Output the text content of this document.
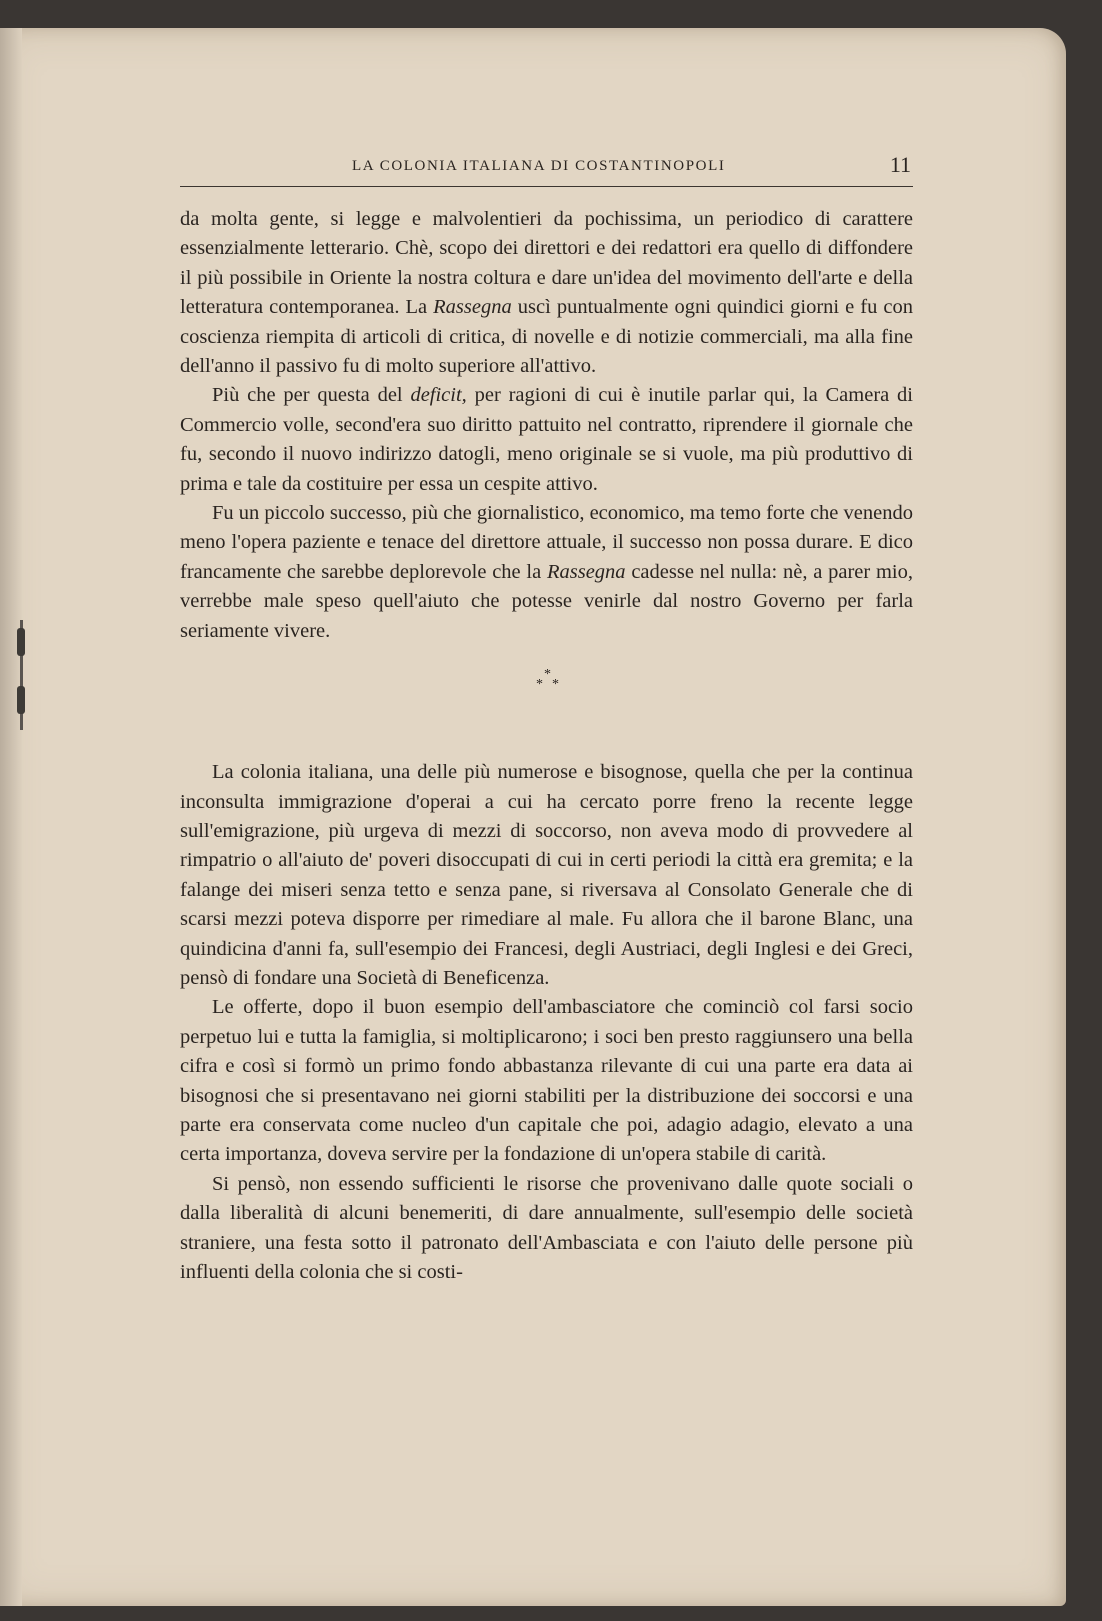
LA COLONIA ITALIANA DI COSTANTINOPOLI	11

da molta gente, si legge e malvolentieri da pochissima, un periodico di carattere essenzialmente letterario. Chè, scopo dei direttori e dei redattori era quello di diffondere il più possibile in Oriente la nostra coltura e dare un'idea del movimento dell'arte e della letteratura contemporanea. La Rassegna uscì puntualmente ogni quindici giorni e fu con coscienza riempita di articoli di critica, di novelle e di notizie commerciali, ma alla fine dell'anno il passivo fu di molto superiore all'attivo.

Più che per questa del deficit, per ragioni di cui è inutile parlar qui, la Camera di Commercio volle, second'era suo diritto pattuito nel contratto, riprendere il giornale che fu, secondo il nuovo indirizzo datogli, meno originale se si vuole, ma più produttivo di prima e tale da costituire per essa un cespite attivo.

Fu un piccolo successo, più che giornalistico, economico, ma temo forte che venendo meno l'opera paziente e tenace del direttore attuale, il successo non possa durare. E dico francamente che sarebbe deplorevole che la Rassegna cadesse nel nulla: nè, a parer mio, verrebbe male speso quell'aiuto che potesse venirle dal nostro Governo per farla seriamente vivere.

*
* *

La colonia italiana, una delle più numerose e bisognose, quella che per la continua inconsulta immigrazione d'operai a cui ha cercato porre freno la recente legge sull'emigrazione, più urgeva di mezzi di soccorso, non aveva modo di provvedere al rimpatrio o all'aiuto de' poveri disoccupati di cui in certi periodi la città era gremita; e la falange dei miseri senza tetto e senza pane, si riversava al Consolato Generale che di scarsi mezzi poteva disporre per rimediare al male. Fu allora che il barone Blanc, una quindicina d'anni fa, sull'esempio dei Francesi, degli Austriaci, degli Inglesi e dei Greci, pensò di fondare una Società di Beneficenza.

Le offerte, dopo il buon esempio dell'ambasciatore che cominciò col farsi socio perpetuo lui e tutta la famiglia, si moltiplicarono; i soci ben presto raggiunsero una bella cifra e così si formò un primo fondo abbastanza rilevante di cui una parte era data ai bisognosi che si presentavano nei giorni stabiliti per la distribuzione dei soccorsi e una parte era conservata come nucleo d'un capitale che poi, adagio adagio, elevato a una certa importanza, doveva servire per la fondazione di un'opera stabile di carità.

Si pensò, non essendo sufficienti le risorse che provenivano dalle quote sociali o dalla liberalità di alcuni benemeriti, di dare annualmente, sull'esempio delle società straniere, una festa sotto il patronato dell'Ambasciata e con l'aiuto delle persone più influenti della colonia che si costi-
